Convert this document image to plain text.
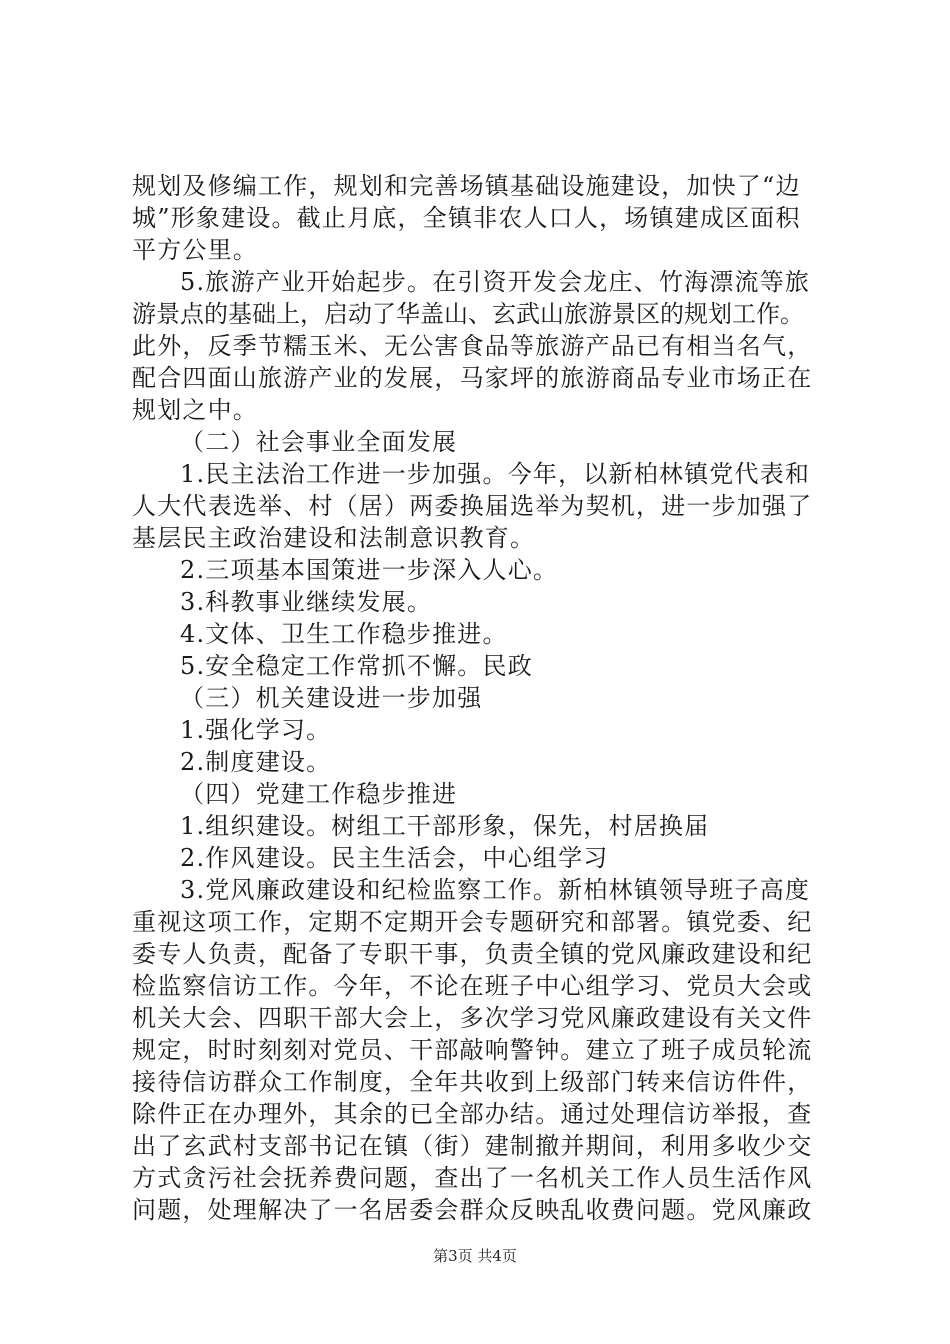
规划及修编工作，规划和完善场镇基础设施建设，加快了“边
城”形象建设。截止月底，全镇非农人口人，场镇建成区面积
平方公里。
5.旅游产业开始起步。在引资开发会龙庄、竹海漂流等旅
游景点的基础上，启动了华盖山、玄武山旅游景区的规划工作。
此外，反季节糯玉米、无公害食品等旅游产品已有相当名气，
配合四面山旅游产业的发展，马家坪的旅游商品专业市场正在
规划之中。
（二）社会事业全面发展
1.民主法治工作进一步加强。今年，以新柏林镇党代表和
人大代表选举、村（居）两委换届选举为契机，进一步加强了
基层民主政治建设和法制意识教育。
2.三项基本国策进一步深入人心。
3.科教事业继续发展。
4.文体、卫生工作稳步推进。
5.安全稳定工作常抓不懈。民政
（三）机关建设进一步加强
1.强化学习。
2.制度建设。
（四）党建工作稳步推进
1.组织建设。树组工干部形象，保先，村居换届
2.作风建设。民主生活会，中心组学习
3.党风廉政建设和纪检监察工作。新柏林镇领导班子高度
重视这项工作，定期不定期开会专题研究和部署。镇党委、纪
委专人负责，配备了专职干事，负责全镇的党风廉政建设和纪
检监察信访工作。今年，不论在班子中心组学习、党员大会或
机关大会、四职干部大会上，多次学习党风廉政建设有关文件
规定，时时刻刻对党员、干部敲响警钟。建立了班子成员轮流
接待信访群众工作制度，全年共收到上级部门转来信访件件，
除件正在办理外，其余的已全部办结。通过处理信访举报，查
出了玄武村支部书记在镇（街）建制撤并期间，利用多收少交
方式贪污社会抚养费问题，查出了一名机关工作人员生活作风
问题，处理解决了一名居委会群众反映乱收费问题。党风廉政
第3页 共4页
